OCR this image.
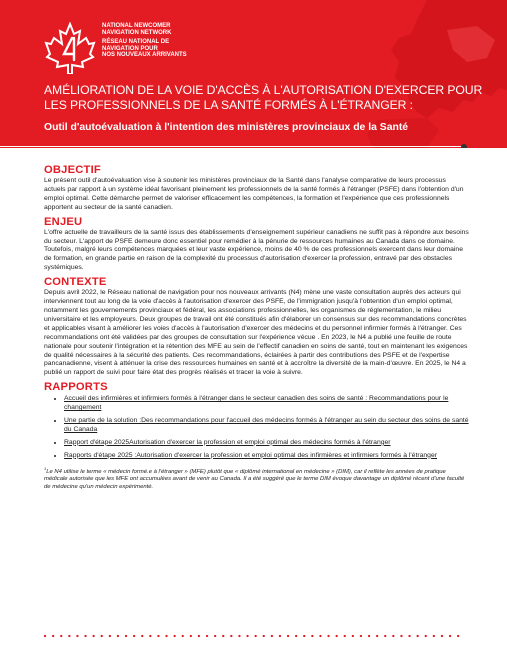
NATIONAL NEWCOMER
NAVIGATION NETWORK
RÉSEAU NATIONAL DE
NAVIGATION POUR
NOS NOUVEAUX ARRIVANTS
AMÉLIORATION DE LA VOIE D'ACCÈS À L'AUTORISATION D'EXERCER POUR LES PROFESSIONNELS DE LA SANTÉ FORMÉS À L'ÉTRANGER :
Outil d'autoévaluation à l'intention des ministères provinciaux de la Santé
OBJECTIF

Le présent outil d'autoévaluation vise à soutenir les ministères provinciaux de la Santé dans l'analyse comparative de leurs processus actuels par rapport à un système idéal favorisant pleinement les professionnels de la santé formés à l'étranger (PSFE) dans l'obtention d'un emploi optimal. Cette démarche permet de valoriser efficacement les compétences, la formation et l'expérience que ces professionnels apportent au secteur de la santé canadien.

ENJEU

L'offre actuelle de travailleurs de la santé issus des établissements d'enseignement supérieur canadiens ne suffit pas à répondre aux besoins du secteur. L'apport de PSFE demeure donc essentiel pour remédier à la pénurie de ressources humaines au Canada dans ce domaine. Toutefois, malgré leurs compétences marquées et leur vaste expérience, moins de 40 % de ces professionnels exercent dans leur domaine de formation, en grande partie en raison de la complexité du processus d'autorisation d'exercer la profession, entravé par des obstacles systémiques.

CONTEXTE

Depuis avril 2022, le Réseau national de navigation pour nos nouveaux arrivants (N4) mène une vaste consultation auprès des acteurs qui interviennent tout au long de la voie d'accès à l'autorisation d'exercer des PSFE, de l'immigration jusqu'à l'obtention d'un emploi optimal, notamment les gouvernements provinciaux et fédéral, les associations professionnelles, les organismes de réglementation, le milieu universitaire et les employeurs. Deux groupes de travail ont été constitués afin d'élaborer un consensus sur des recommandations concrètes et applicables visant à améliorer les voies d'accès à l'autorisation d'exercer des médecins et du personnel infirmier formés à l'étranger. Ces recommandations ont été validées par des groupes de consultation sur l'expérience vécue . En 2023, le N4 a publié une feuille de route nationale pour soutenir l'intégration et la rétention des MFE au sein de l'effectif canadien en soins de santé, tout en maintenant les exigences de qualité nécessaires à la sécurité des patients. Ces recommandations, éclairées à partir des contributions des PSFE et de l'expertise pancanadienne, visent à atténuer la crise des ressources humaines en santé et à accroître la diversité de la main-d'œuvre. En 2025, le N4 a publié un rapport de suivi pour faire état des progrès réalisés et tracer la voie à suivre.

RAPPORTS
• Accueil des infirmières et infirmiers formés à l'étranger dans le secteur canadien des soins de santé : Recommandations pour le changement
• Une partie de la solution :Des recommandations pour l'accueil des médecins formés à l'étranger au sein du secteur des soins de santé du Canada
• Rapport d'étape 2025Autorisation d'exercer la profession et emploi optimal des médecins formés à l'étranger
• Rapports d'étape 2025 :Autorisation d'exercer la profession et emploi optimal des infirmières et infirmiers formés à l'étranger

$^1$Le N4 utilise le terme « médecin formé.e à l'étranger » (MFE) plutôt que « diplômé international en médecine » (DIM), car il reflète les années de pratique médicale autorisée que les MFE ont accumulées avant de venir au Canada. Il a été suggéré que le terme DIM évoque davantage un diplômé récent d'une faculté de médecine qu'un médecin expérimenté.
